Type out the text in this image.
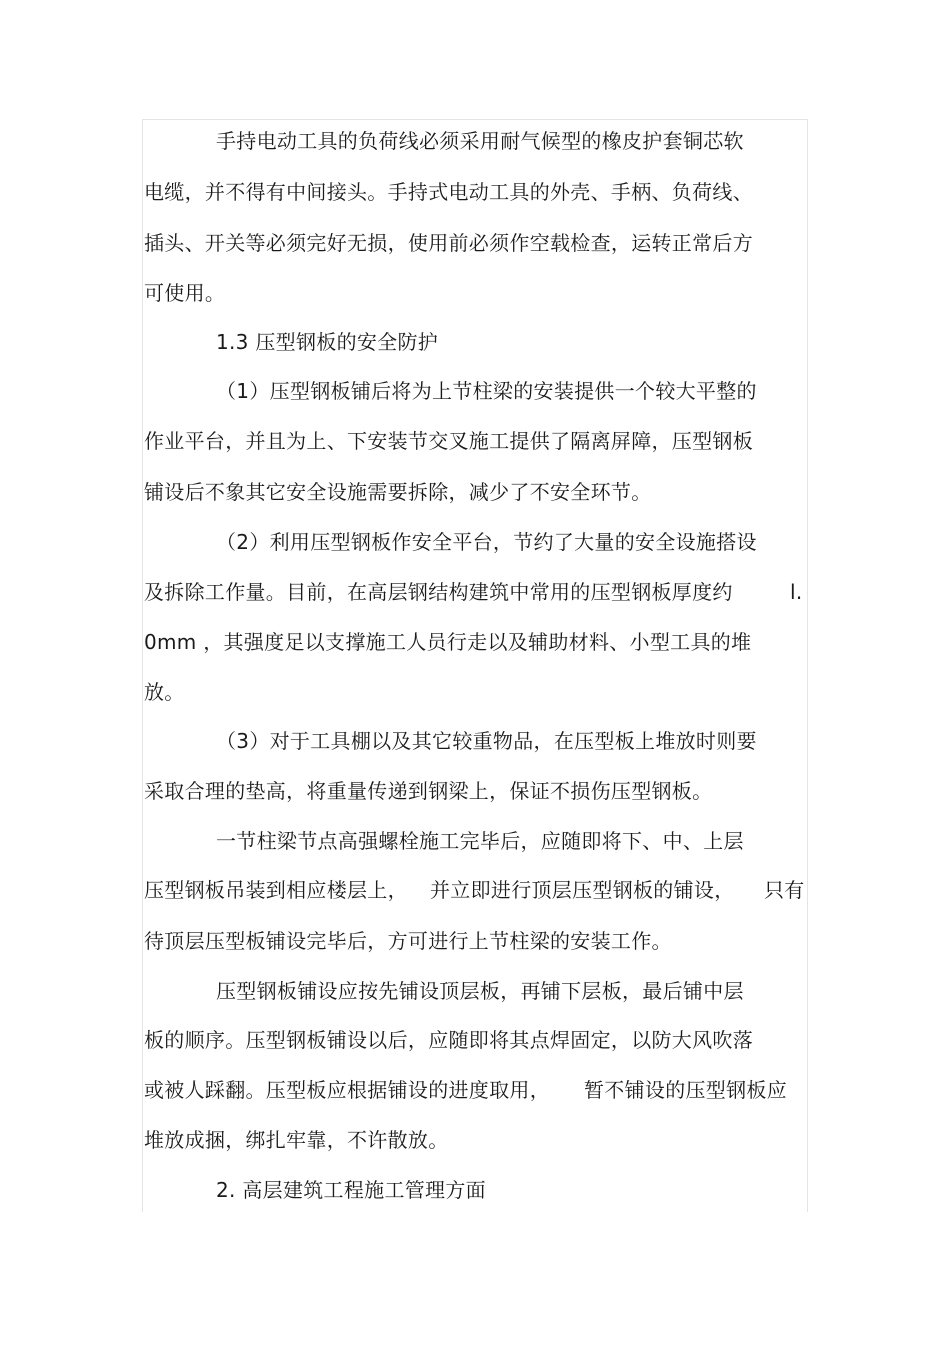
手持电动工具的负荷线必须采用耐气候型的橡皮护套铜芯软
电缆，并不得有中间接头。手持式电动工具的外壳、手柄、负荷线、
插头、开关等必须完好无损，使用前必须作空载检查，运转正常后方
可使用。
1.3 压型钢板的安全防护
（1）压型钢板铺后将为上节柱梁的安装提供一个较大平整的
作业平台，并且为上、下安装节交叉施工提供了隔离屏障，压型钢板
铺设后不象其它安全设施需要拆除，减少了不安全环节。
（2）利用压型钢板作安全平台，节约了大量的安全设施搭设
及拆除工作量。目前，在高层钢结构建筑中常用的压型钢板厚度约	l.
0mm ，其强度足以支撑施工人员行走以及辅助材料、小型工具的堆
放。
（3）对于工具棚以及其它较重物品，在压型板上堆放时则要
采取合理的垫高，将重量传递到钢梁上，保证不损伤压型钢板。
一节柱梁节点高强螺栓施工完毕后，应随即将下、中、上层
压型钢板吊装到相应楼层上， 并立即进行顶层压型钢板的铺设， 只有
待顶层压型板铺设完毕后，方可进行上节柱梁的安装工作。
压型钢板铺设应按先铺设顶层板，再铺下层板，最后铺中层
板的顺序。压型钢板铺设以后，应随即将其点焊固定，以防大风吹落
或被人踩翻。压型板应根据铺设的进度取用， 暂不铺设的压型钢板应
堆放成捆，绑扎牢靠，不许散放。
2. 高层建筑工程施工管理方面
